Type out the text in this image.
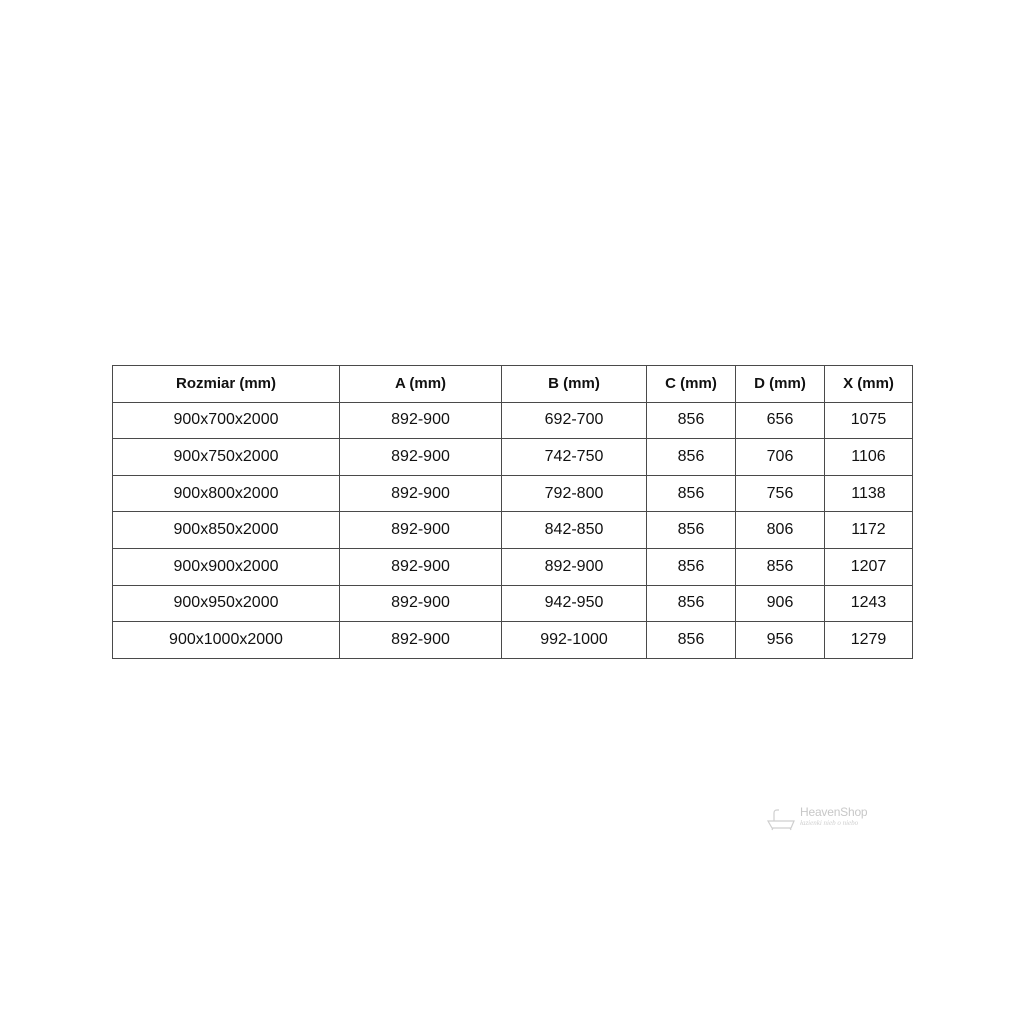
Rozmiar (mm)	A (mm)	B (mm)	C (mm)	D (mm)	X (mm)
900x700x2000	892-900	692-700	856	656	1075
900x750x2000	892-900	742-750	856	706	1106
900x800x2000	892-900	792-800	856	756	1138
900x850x2000	892-900	842-850	856	806	1172
900x900x2000	892-900	892-900	856	856	1207
900x950x2000	892-900	942-950	856	906	1243
900x1000x2000	892-900	992-1000	856	956	1279
HeavenShop
łazienki nieb o niebo
